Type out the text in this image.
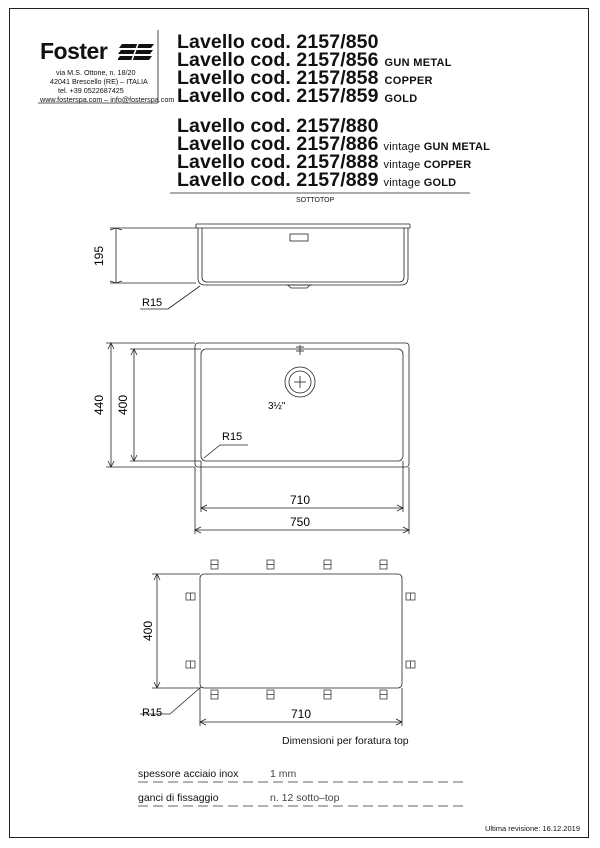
Foster
via M.S. Ottone, n. 18/20
42041 Brescello (RE) – ITALIA
tel. +39 0522687425
www.fosterspa.com – info@fosterspa.com
Lavello cod. 2157/850
Lavello cod. 2157/856 GUN METAL
Lavello cod. 2157/858 COPPER
Lavello cod. 2157/859 GOLD
Lavello cod. 2157/880
Lavello cod. 2157/886 vintage GUN METAL
Lavello cod. 2157/888 vintage COPPER
Lavello cod. 2157/889 vintage GOLD
SOTTOTOP
195
R15
440 400
710
750
R15
3½"
400
710
R15
Dimensioni per foratura top
spessore acciaio inox	1 mm
ganci di fissaggio	n. 12 sotto–top
Ultima revisione: 16.12.2019
